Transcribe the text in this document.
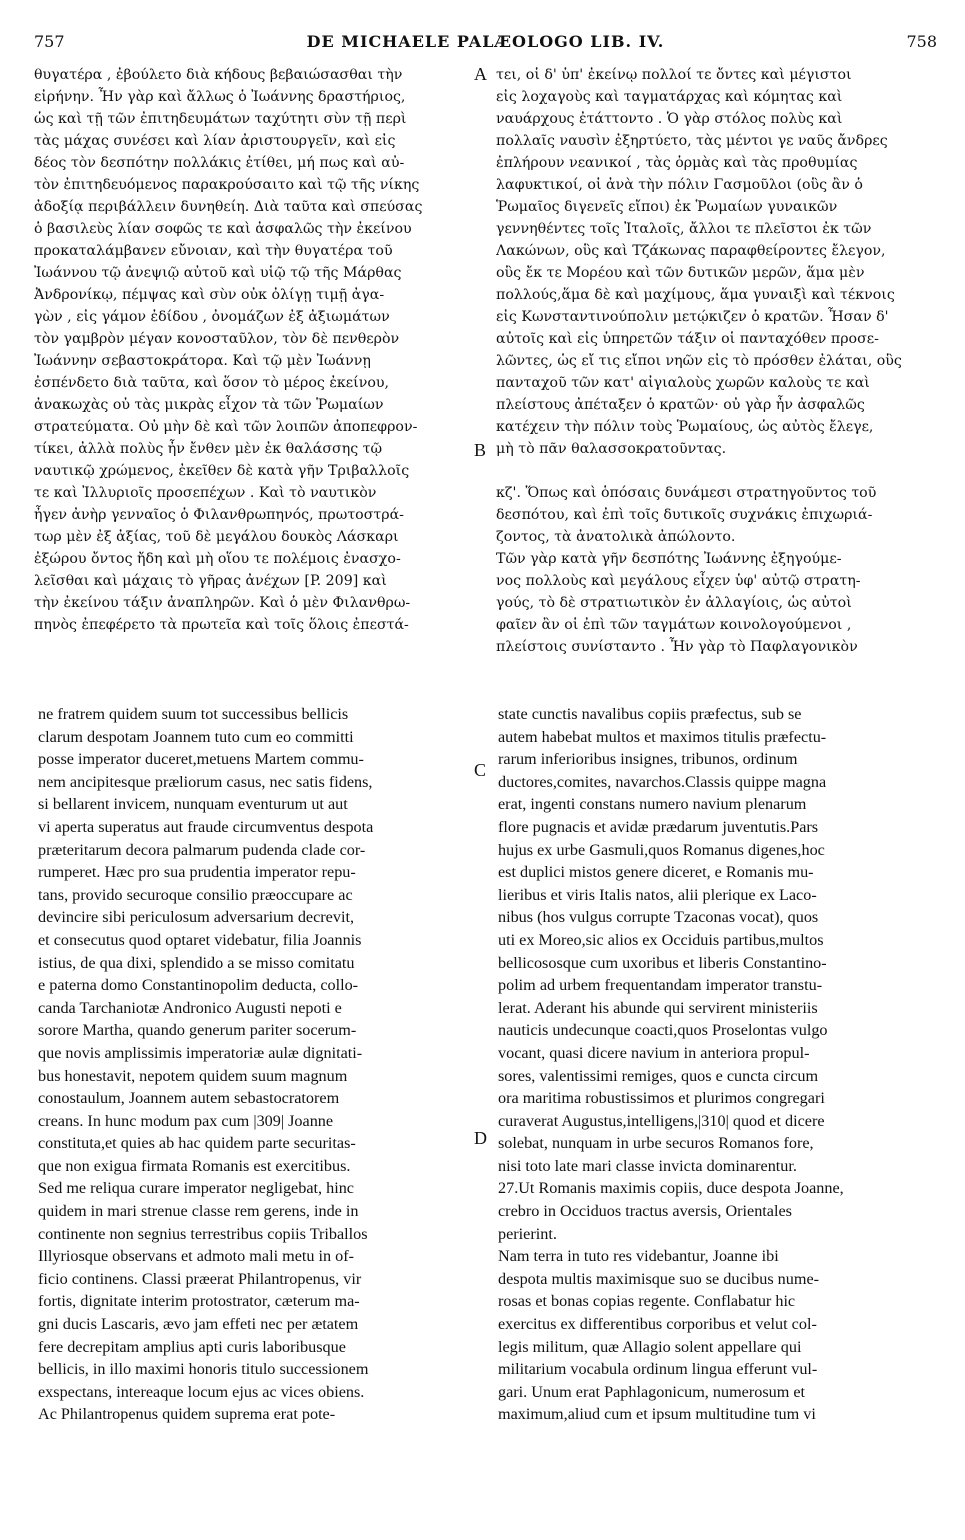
757	DE MICHAELE PALÆOLOGO LIB. IV.	758
A
B
C
D
θυγατέρα , ἐβούλετο διὰ κήδους βεβαιώσασθαι τὴν
εἰρήνην. Ἦν γὰρ καὶ ἄλλως ὁ Ἰωάννης δραστήριος,
ὡς καὶ τῇ τῶν ἐπιτηδευμάτων ταχύτητι σὺν τῇ περὶ
τὰς μάχας συνέσει καὶ λίαν ἀριστουργεῖν, καὶ εἰς
δέος τὸν δεσπότην πολλάκις ἐτίθει, μή πως καὶ αὐ-
τὸν ἐπιτηδευόμενος παρακρούσαιτο καὶ τῷ τῆς νίκης
ἀδοξίᾳ περιβάλλειν δυνηθείη. Διὰ ταῦτα καὶ σπεύσας
ὁ βασιλεὺς λίαν σοφῶς τε καὶ ἀσφαλῶς τὴν ἐκείνου
προκαταλάμβανεν εὔνοιαν, καὶ τὴν θυγατέρα τοῦ
Ἰωάννου τῷ ἀνεψιῷ αὐτοῦ καὶ υἱῷ τῷ τῆς Μάρθας
Ἀνδρονίκῳ, πέμψας καὶ σὺν οὐκ ὀλίγῃ τιμῇ ἀγα-
γὼν , εἰς γάμον ἐδίδου , ὀνομάζων ἐξ ἀξιωμάτων
τὸν γαμβρὸν μέγαν κονοσταῦλον, τὸν δὲ πενθερὸν
Ἰωάννην σεβαστοκράτορα. Καὶ τῷ μὲν Ἰωάννῃ
ἐσπένδετο διὰ ταῦτα, καὶ ὅσον τὸ μέρος ἐκείνου,
ἀνακωχὰς οὐ τὰς μικρὰς εἶχον τὰ τῶν Ῥωμαίων
στρατεύματα. Οὐ μὴν δὲ καὶ τῶν λοιπῶν ἀποπεφρον-
τίκει, ἀλλὰ πολὺς ἦν ἔνθεν μὲν ἐκ θαλάσσης τῷ
ναυτικῷ χρώμενος, ἐκεῖθεν δὲ κατὰ γῆν Τριβαλλοῖς
τε καὶ Ἰλλυριοῖς προσεπέχων . Καὶ τὸ ναυτικὸν
ἦγεν ἀνὴρ γενναῖος ὁ Φιλανθρωπηνός, πρωτοστρά-
τωρ μὲν ἐξ ἀξίας, τοῦ δὲ μεγάλου δουκὸς Λάσκαρι
ἐξώρου ὄντος ἤδη καὶ μὴ οἵου τε πολέμοις ἐνασχο-
λεῖσθαι καὶ μάχαις τὸ γῆρας ἀνέχων [P. 209] καὶ
τὴν ἐκείνου τάξιν ἀναπληρῶν. Καὶ ὁ μὲν Φιλανθρω-
πηνὸς ἐπεφέρετο τὰ πρωτεῖα καὶ τοῖς ὅλοις ἐπεστά-
τει, οἱ δ' ὑπ' ἐκείνῳ πολλοί τε ὄντες καὶ μέγιστοι
εἰς λοχαγοὺς καὶ ταγματάρχας καὶ κόμητας καὶ
ναυάρχους ἐτάττοντο . Ὁ γὰρ στόλος πολὺς καὶ
πολλαῖς ναυσὶν ἐξηρτύετο, τὰς μέντοι γε ναῦς ἄνδρες
ἐπλήρουν νεανικοί , τὰς ὁρμὰς καὶ τὰς προθυμίας
λαφυκτικοί, οἱ ἀνὰ τὴν πόλιν Γασμοῦλοι (οὓς ἂν ὁ
Ῥωμαῖος διγενεῖς εἴποι) ἐκ Ῥωμαίων γυναικῶν
γεννηθέντες τοῖς Ἰταλοῖς, ἄλλοι τε πλεῖστοι ἐκ τῶν
Λακώνων, οὓς καὶ Τζάκωνας παραφθείροντες ἔλεγον,
οὓς ἔκ τε Μορέου καὶ τῶν δυτικῶν μερῶν, ἅμα μὲν
πολλούς,ἅμα δὲ καὶ μαχίμους, ἅμα γυναιξὶ καὶ τέκνοις
εἰς Κωνσταντινούπολιν μετῴκιζεν ὁ κρατῶν. Ἦσαν δ'
αὐτοῖς καὶ εἰς ὑπηρετῶν τάξιν οἱ πανταχόθεν προσε-
λῶντες, ὡς εἴ τις εἴποι νηῶν εἰς τὸ πρόσθεν ἐλάται, οὓς
πανταχοῦ τῶν κατ' αἰγιαλοὺς χωρῶν καλοὺς τε καὶ
πλείστους ἀπέταξεν ὁ κρατῶν· οὐ γὰρ ἦν ἀσφαλῶς
κατέχειν τὴν πόλιν τοὺς Ῥωμαίους, ὡς αὐτὸς ἔλεγε,
μὴ τὸ πᾶν θαλασσοκρατοῦντας.
κζ'. Ὅπως καὶ ὁπόσαις δυνάμεσι στρατηγοῦντος τοῦ
δεσπότου, καὶ ἐπὶ τοῖς δυτικοῖς συχνάκις ἐπιχωριά-
ζοντος, τὰ ἀνατολικὰ ἀπώλοντο.
Τῶν γὰρ κατὰ γῆν δεσπότης Ἰωάννης ἐξηγούμε-
νος πολλοὺς καὶ μεγάλους εἶχεν ὑφ' αὐτῷ στρατη-
γούς, τὸ δὲ στρατιωτικὸν ἐν ἀλλαγίοις, ὡς αὐτοὶ
φαῖεν ἂν οἱ ἐπὶ τῶν ταγμάτων κοινολογούμενοι ,
πλείστοις συνίσταντο . Ἦν γὰρ τὸ Παφλαγονικὸν
ne fratrem quidem suum tot successibus bellicis
clarum despotam Joannem tuto cum eo committi
posse imperator duceret,metuens Martem commu-
nem ancipitesque præliorum casus, nec satis fidens,
si bellarent invicem, nunquam eventurum ut aut
vi aperta superatus aut fraude circumventus despota
præteritarum decora palmarum pudenda clade cor-
rumperet. Hæc pro sua prudentia imperator repu-
tans, provido securoque consilio præoccupare ac
devincire sibi periculosum adversarium decrevit,
et consecutus quod optaret videbatur, filia Joannis
istius, de qua dixi, splendido a se misso comitatu
e paterna domo Constantinopolim deducta, collo-
canda Tarchaniotæ Andronico Augusti nepoti e
sorore Martha, quando generum pariter socerum-
que novis amplissimis imperatoriæ aulæ dignitati-
bus honestavit, nepotem quidem suum magnum
conostaulum, Joannem autem sebastocratorem
creans. In hunc modum pax cum |309| Joanne
constituta,et quies ab hac quidem parte securitas-
que non exigua firmata Romanis est exercitibus.
Sed me reliqua curare imperator negligebat, hinc
quidem in mari strenue classe rem gerens, inde in
continente non segnius terrestribus copiis Triballos
Illyriosque observans et admoto mali metu in of-
ficio continens. Classi præerat Philantropenus, vir
fortis, dignitate interim protostrator, cæterum ma-
gni ducis Lascaris, ævo jam effeti nec per ætatem
fere decrepitam amplius apti curis laboribusque
bellicis, in illo maximi honoris titulo successionem
exspectans, intereaque locum ejus ac vices obiens.
Ac Philantropenus quidem suprema erat pote-
state cunctis navalibus copiis præfectus, sub se
autem habebat multos et maximos titulis præfectu-
rarum inferioribus insignes, tribunos, ordinum
ductores,comites, navarchos.Classis quippe magna
erat, ingenti constans numero navium plenarum
flore pugnacis et avidæ prædarum juventutis.Pars
hujus ex urbe Gasmuli,quos Romanus digenes,hoc
est duplici mistos genere diceret, e Romanis mu-
lieribus et viris Italis natos, alii plerique ex Laco-
nibus (hos vulgus corrupte Tzaconas vocat), quos
uti ex Moreo,sic alios ex Occiduis partibus,multos
bellicososque cum uxoribus et liberis Constantino-
polim ad urbem frequentandam imperator transtu-
lerat. Aderant his abunde qui servirent ministeriis
nauticis undecunque coacti,quos Proselontas vulgo
vocant, quasi dicere navium in anteriora propul-
sores, valentissimi remiges, quos e cuncta circum
ora maritima robustissimos et plurimos congregari
curaverat Augustus,intelligens,|310| quod et dicere
solebat, nunquam in urbe securos Romanos fore,
nisi toto late mari classe invicta dominarentur.
27.Ut Romanis maximis copiis, duce despota Joanne,
crebro in Occiduos tractus aversis, Orientales
perierint.
Nam terra in tuto res videbantur, Joanne ibi
despota multis maximisque suo se ducibus nume-
rosas et bonas copias regente. Conflabatur hic
exercitus ex differentibus corporibus et velut col-
legis militum, quæ Allagio solent appellare qui
militarium vocabula ordinum lingua efferunt vul-
gari. Unum erat Paphlagonicum, numerosum et
maximum,aliud cum et ipsum multitudine tum vi
